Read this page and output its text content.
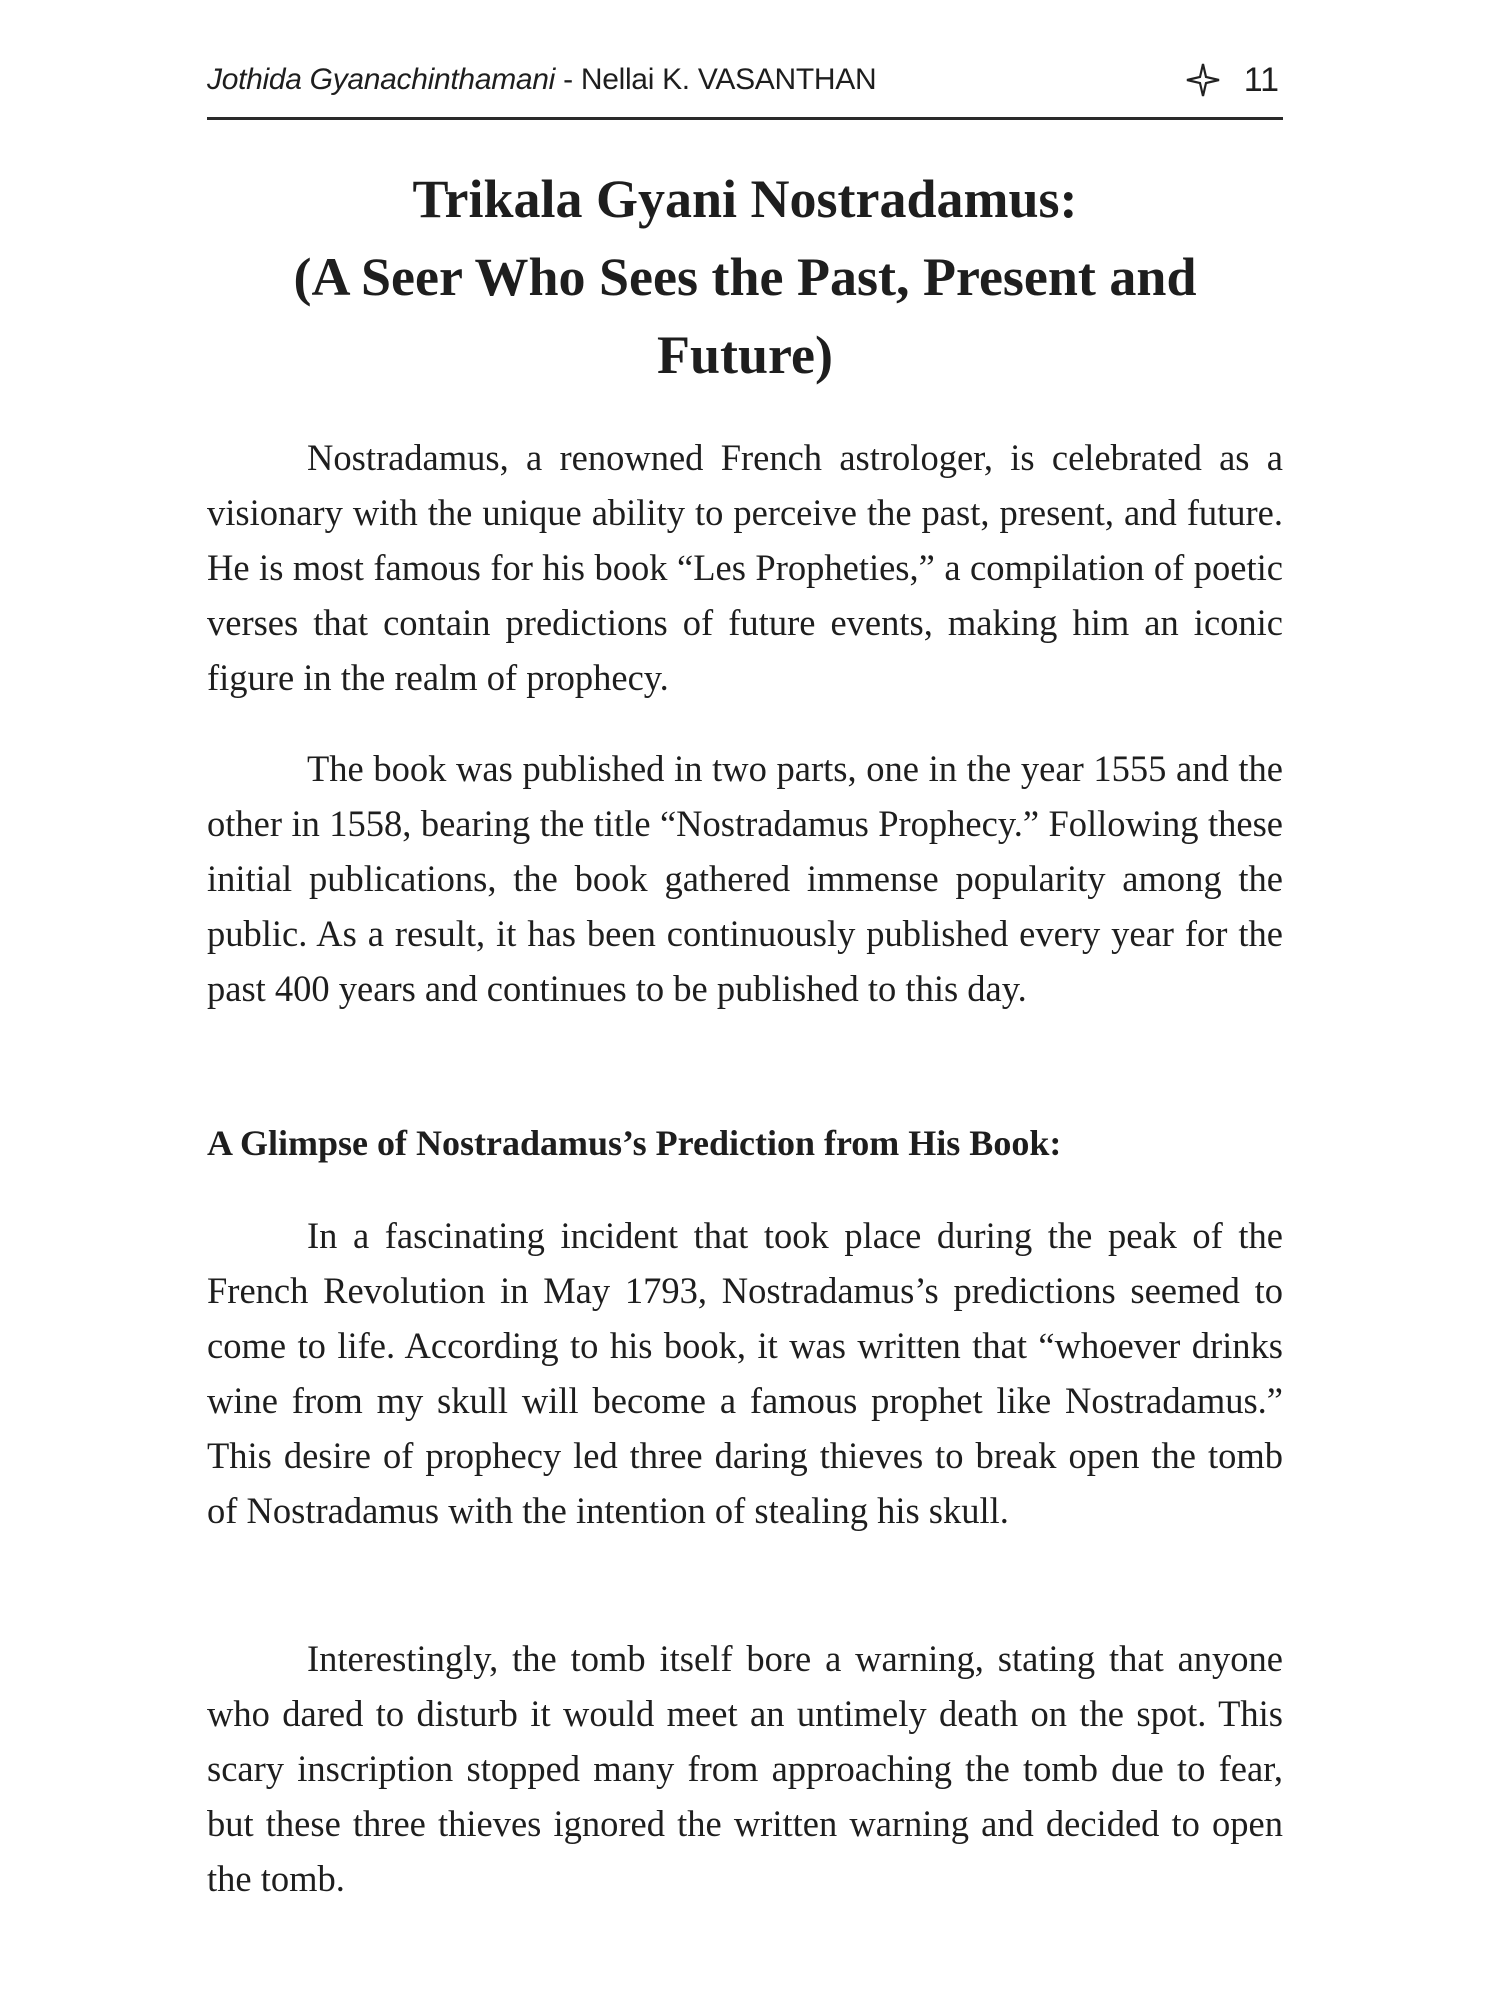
Jothida Gyanachinthamani - Nellai K. VASANTHAN	11
Trikala Gyani Nostradamus:
(A Seer Who Sees the Past, Present and
Future)

Nostradamus, a renowned French astrologer, is celebrated as a visionary with the unique ability to perceive the past, present, and future. He is most famous for his book “Les Propheties,” a compilation of poetic verses that contain predictions of future events, making him an iconic figure in the realm of prophecy.

The book was published in two parts, one in the year 1555 and the other in 1558, bearing the title “Nostradamus Prophecy.” Following these initial publications, the book gathered immense popularity among the public. As a result, it has been continuously published every year for the past 400 years and continues to be published to this day.

A Glimpse of Nostradamus’s Prediction from His Book:

In a fascinating incident that took place during the peak of the French Revolution in May 1793, Nostradamus’s predictions seemed to come to life. According to his book, it was written that “whoever drinks wine from my skull will become a famous prophet like Nostradamus.” This desire of prophecy led three daring thieves to break open the tomb of Nostradamus with the intention of stealing his skull.

Interestingly, the tomb itself bore a warning, stating that anyone who dared to disturb it would meet an untimely death on the spot. This scary inscription stopped many from approaching the tomb due to fear, but these three thieves ignored the written warning and decided to open the tomb.
